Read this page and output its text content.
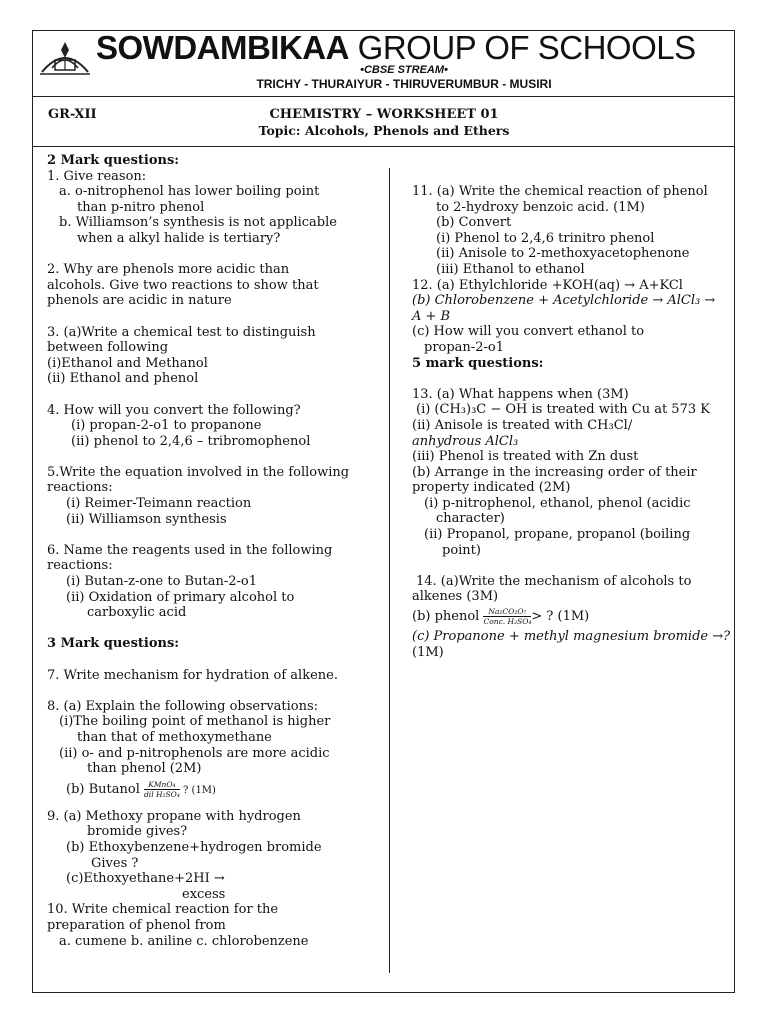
SOWDAMBIKAA GROUP OF SCHOOLS
•CBSE STREAM•
TRICHY - THURAIYUR - THIRUVERUMBUR - MUSIRI
GR-XII	CHEMISTRY – WORKSHEET 01
Topic: Alcohols, Phenols and Ethers
2 Mark questions:
1. Give reason:
a. o-nitrophenol has lower boiling point
than p-nitro phenol
b. Williamson’s synthesis is not applicable
when a alkyl halide is tertiary?
2. Why are phenols more acidic than
alcohols. Give two reactions to show that
phenols are acidic in nature
3. (a)Write a chemical test to distinguish
between following
(i)Ethanol and Methanol
(ii) Ethanol and phenol
4. How will you convert the following?
(i) propan-2-o1 to propanone
(ii) phenol to 2,4,6 – tribromophenol
5.Write the equation involved in the following
reactions:
(i) Reimer-Teimann reaction
(ii) Williamson synthesis
6. Name the reagents used in the following
reactions:
(i) Butan-z-one to Butan-2-o1
(ii) Oxidation of primary alcohol to
carboxylic acid
3 Mark questions:
7. Write mechanism for hydration of alkene.
8. (a) Explain the following observations:
(i)The boiling point of methanol is higher
than that of methoxymethane
(ii) o- and p-nitrophenols are more acidic
than phenol (2M)
(b) Butanol $\frac{\text{KMnO₄}}{\text{dil H₂SO₄}}$ ? (1M)
9. (a) Methoxy propane with hydrogen
bromide gives?
(b) Ethoxybenzene+hydrogen bromide
Gives ?
(c)Ethoxyethane+2HI →
excess
10. Write chemical reaction for the
preparation of phenol from
a. cumene b. aniline c. chlorobenzene
11. (a) Write the chemical reaction of phenol
to 2-hydroxy benzoic acid. (1M)
(b) Convert
(i) Phenol to 2,4,6 trinitro phenol
(ii) Anisole to 2-methoxyacetophenone
(iii) Ethanol to ethanol
12. (a) Ethylchloride +KOH(aq) → A+KCl
(b) Chlorobenzene + Acetylchloride → AlCl₃ →
A + B
(c) How will you convert ethanol to
propan-2-o1
5 mark questions:
13. (a) What happens when (3M)
(i) (CH₃)₃C − OH is treated with Cu at 573 K
(ii) Anisole is treated with CH₃Cl/
anhydrous AlCl₃
(iii) Phenol is treated with Zn dust
(b) Arrange in the increasing order of their
property indicated (2M)
(i) p-nitrophenol, ethanol, phenol (acidic
character)
(ii) Propanol, propane, propanol (boiling
point)
14. (a)Write the mechanism of alcohols to
alkenes (3M)
(b) phenol $\frac{\text{Na₂CO₂O₇}}{\text{Conc. H₂SO₄}}$ > ? (1M)
(c) Propanone + methyl magnesium bromide →?
(1M)
